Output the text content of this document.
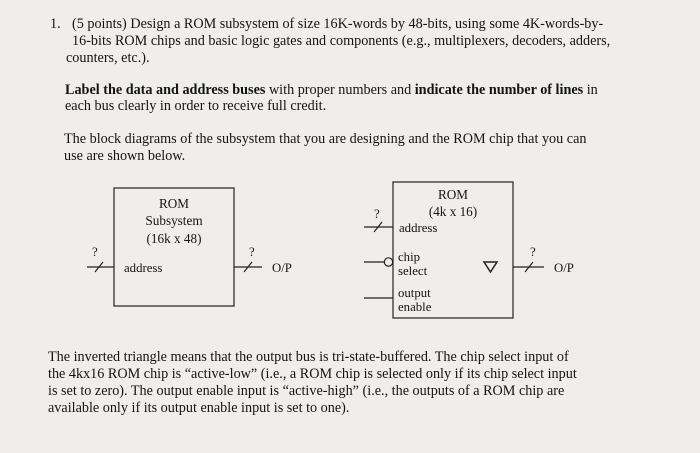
1. (5 points) Design a ROM subsystem of size 16K-words by 48-bits, using some 4K-words-by-
16-bits ROM chips and basic logic gates and components (e.g., multiplexers, decoders, adders,
counters, etc.).
Label the data and address buses with proper numbers and indicate the number of lines in
each bus clearly in order to receive full credit.
The block diagrams of the subsystem that you are designing and the ROM chip that you can
use are shown below.
ROM
Subsystem
(16k x 48)
?
address
?
O/P
ROM
(4k x 16)
address
?
chip
select
output
enable
?
O/P
The inverted triangle means that the output bus is tri-state-buffered. The chip select input of
the 4kx16 ROM chip is “active-low” (i.e., a ROM chip is selected only if its chip select input
is set to zero). The output enable input is “active-high” (i.e., the outputs of a ROM chip are
available only if its output enable input is set to one).
